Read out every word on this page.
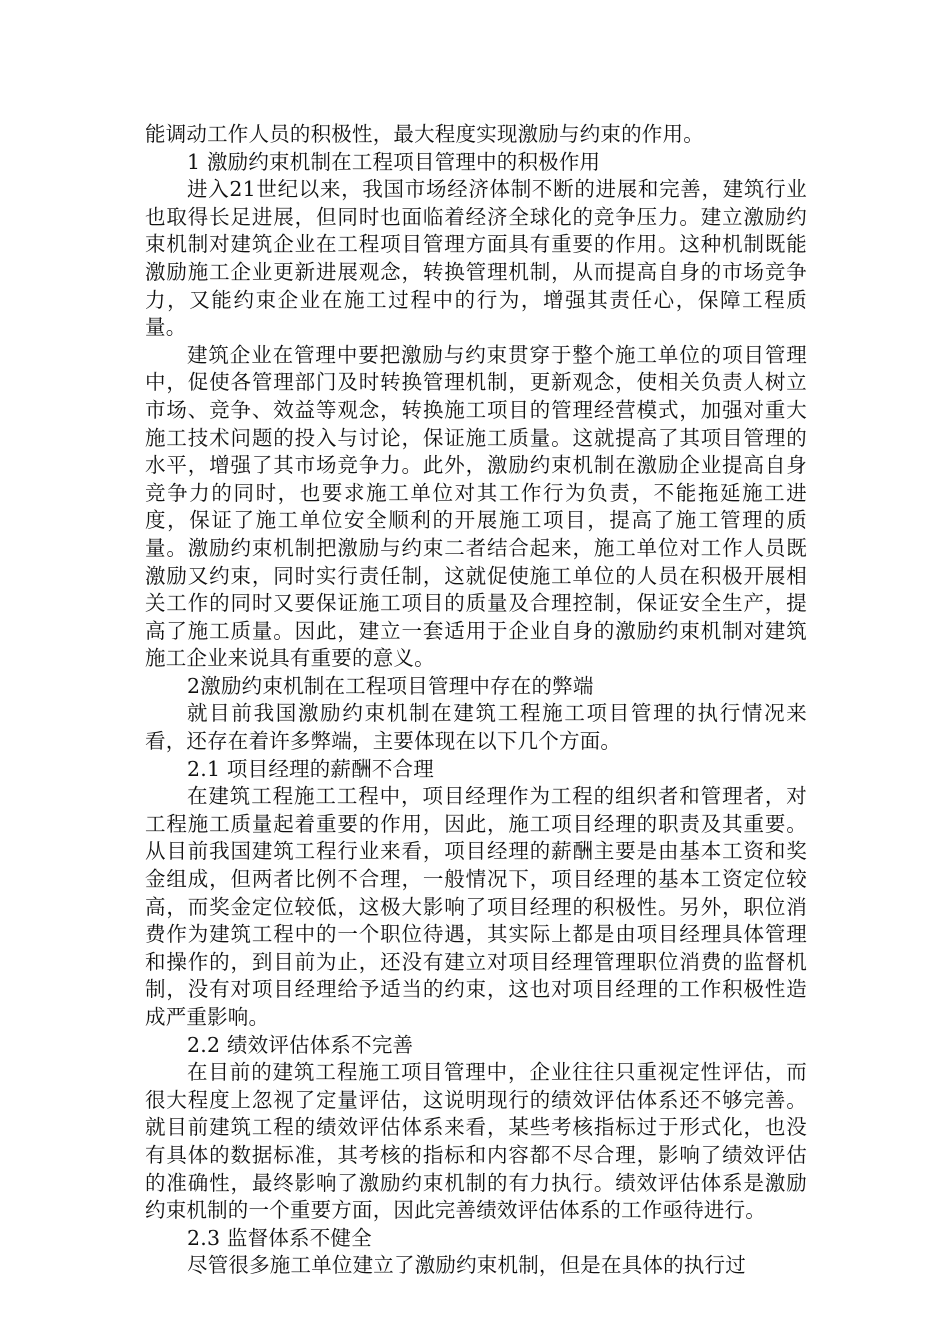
能调动工作人员的积极性，最大程度实现激励与约束的作用。

1 激励约束机制在工程项目管理中的积极作用

进入21世纪以来，我国市场经济体制不断的进展和完善，建筑行业也取得长足进展，但同时也面临着经济全球化的竞争压力。建立激励约束机制对建筑企业在工程项目管理方面具有重要的作用。这种机制既能激励施工企业更新进展观念，转换管理机制，从而提高自身的市场竞争力，又能约束企业在施工过程中的行为，增强其责任心，保障工程质量。

建筑企业在管理中要把激励与约束贯穿于整个施工单位的项目管理中，促使各管理部门及时转换管理机制，更新观念，使相关负责人树立市场、竞争、效益等观念，转换施工项目的管理经营模式，加强对重大施工技术问题的投入与讨论，保证施工质量。这就提高了其项目管理的水平，增强了其市场竞争力。此外，激励约束机制在激励企业提高自身竞争力的同时，也要求施工单位对其工作行为负责，不能拖延施工进度，保证了施工单位安全顺利的开展施工项目，提高了施工管理的质量。激励约束机制把激励与约束二者结合起来，施工单位对工作人员既激励又约束，同时实行责任制，这就促使施工单位的人员在积极开展相关工作的同时又要保证施工项目的质量及合理控制，保证安全生产，提高了施工质量。因此，建立一套适用于企业自身的激励约束机制对建筑施工企业来说具有重要的意义。

2激励约束机制在工程项目管理中存在的弊端

就目前我国激励约束机制在建筑工程施工项目管理的执行情况来看，还存在着许多弊端，主要体现在以下几个方面。

2.1 项目经理的薪酬不合理

在建筑工程施工工程中，项目经理作为工程的组织者和管理者，对工程施工质量起着重要的作用，因此，施工项目经理的职责及其重要。从目前我国建筑工程行业来看，项目经理的薪酬主要是由基本工资和奖金组成，但两者比例不合理，一般情况下，项目经理的基本工资定位较高，而奖金定位较低，这极大影响了项目经理的积极性。另外，职位消费作为建筑工程中的一个职位待遇，其实际上都是由项目经理具体管理和操作的，到目前为止，还没有建立对项目经理管理职位消费的监督机制，没有对项目经理给予适当的约束，这也对项目经理的工作积极性造成严重影响。

2.2 绩效评估体系不完善

在目前的建筑工程施工项目管理中，企业往往只重视定性评估，而很大程度上忽视了定量评估，这说明现行的绩效评估体系还不够完善。就目前建筑工程的绩效评估体系来看，某些考核指标过于形式化，也没有具体的数据标准，其考核的指标和内容都不尽合理，影响了绩效评估的准确性，最终影响了激励约束机制的有力执行。绩效评估体系是激励约束机制的一个重要方面，因此完善绩效评估体系的工作亟待进行。

2.3 监督体系不健全

尽管很多施工单位建立了激励约束机制，但是在具体的执行过
